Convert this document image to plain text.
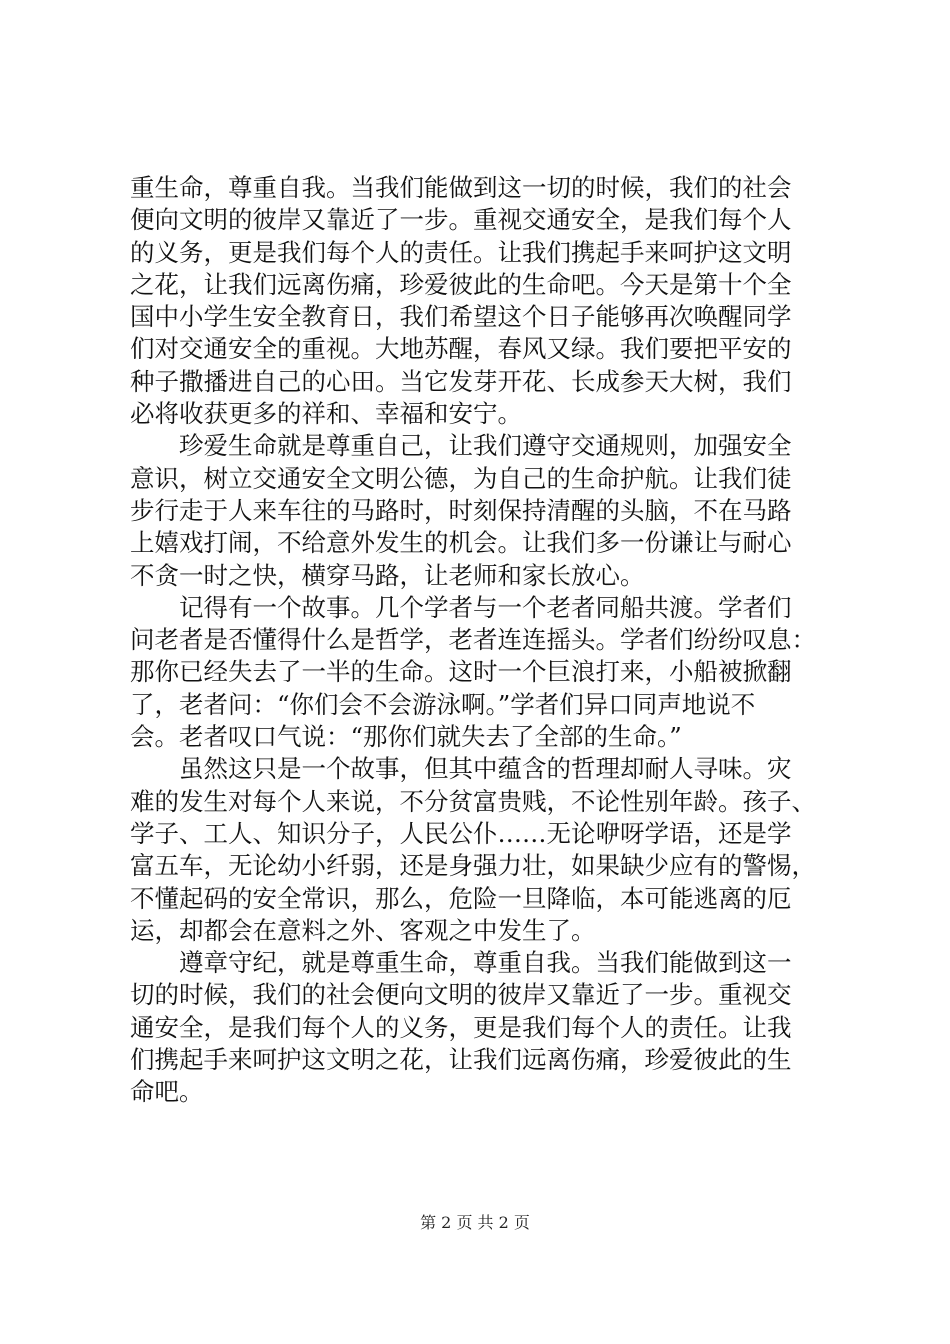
重生命，尊重自我。当我们能做到这一切的时候，我们的社会
便向文明的彼岸又靠近了一步。重视交通安全，是我们每个人
的义务，更是我们每个人的责任。让我们携起手来呵护这文明
之花，让我们远离伤痛，珍爱彼此的生命吧。今天是第十个全
国中小学生安全教育日，我们希望这个日子能够再次唤醒同学
们对交通安全的重视。大地苏醒，春风又绿。我们要把平安的
种子撒播进自己的心田。当它发芽开花、长成参天大树，我们
必将收获更多的祥和、幸福和安宁。
　　珍爱生命就是尊重自己，让我们遵守交通规则，加强安全
意识，树立交通安全文明公德，为自己的生命护航。让我们徒
步行走于人来车往的马路时，时刻保持清醒的头脑，不在马路
上嬉戏打闹，不给意外发生的机会。让我们多一份谦让与耐心
不贪一时之快，横穿马路，让老师和家长放心。
　　记得有一个故事。几个学者与一个老者同船共渡。学者们
问老者是否懂得什么是哲学，老者连连摇头。学者们纷纷叹息：
那你已经失去了一半的生命。这时一个巨浪打来，小船被掀翻
了，老者问：“你们会不会游泳啊。”学者们异口同声地说不
会。老者叹口气说：“那你们就失去了全部的生命。”
　　虽然这只是一个故事，但其中蕴含的哲理却耐人寻味。灾
难的发生对每个人来说，不分贫富贵贱，不论性别年龄。孩子、
学子、工人、知识分子，人民公仆……无论咿呀学语，还是学
富五车，无论幼小纤弱，还是身强力壮，如果缺少应有的警惕，
不懂起码的安全常识，那么，危险一旦降临，本可能逃离的厄
运，却都会在意料之外、客观之中发生了。
　　遵章守纪，就是尊重生命，尊重自我。当我们能做到这一
切的时候，我们的社会便向文明的彼岸又靠近了一步。重视交
通安全，是我们每个人的义务，更是我们每个人的责任。让我
们携起手来呵护这文明之花，让我们远离伤痛，珍爱彼此的生
命吧。
第 2 页 共 2 页
